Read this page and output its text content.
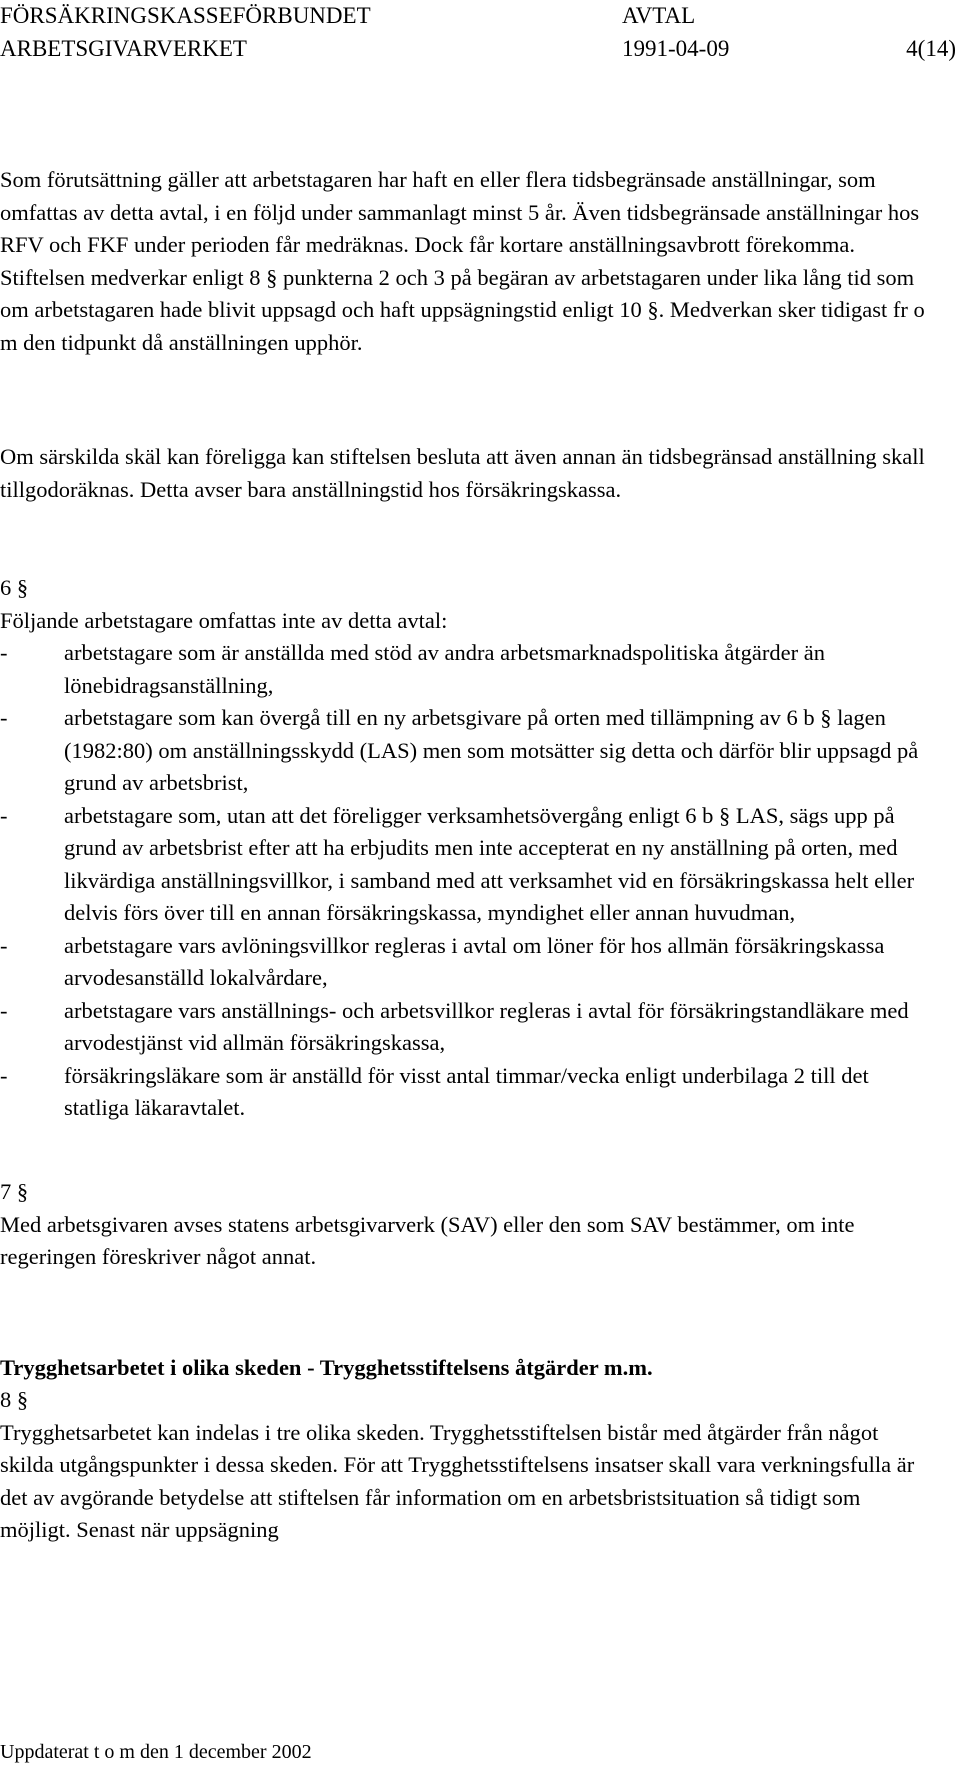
FÖRSÄKRINGSKASSEFÖRBUNDET	AVTAL
ARBETSGIVARVERKET	1991-04-09	4(14)

Som förutsättning gäller att arbetstagaren har haft en eller flera tidsbegränsade anställningar, som omfattas av detta avtal, i en följd under sammanlagt minst 5 år. Även tidsbegränsade anställningar hos RFV och FKF under perioden får medräknas. Dock får kortare anställningsavbrott förekomma. Stiftelsen medverkar enligt 8 § punkterna 2 och 3 på begäran av arbetstagaren under lika lång tid som om arbetstagaren hade blivit uppsagd och haft uppsägningstid enligt 10 §. Medverkan sker tidigast fr o m den tidpunkt då anställningen upphör.

Om särskilda skäl kan föreligga kan stiftelsen besluta att även annan än tidsbegränsad anställning skall tillgodoräknas. Detta avser bara anställningstid hos försäkringskassa.

6 §

Följande arbetstagare omfattas inte av detta avtal:

-	arbetstagare som är anställda med stöd av andra arbetsmarknadspolitiska åtgärder än lönebidragsanställning,
-	arbetstagare som kan övergå till en ny arbetsgivare på orten med tillämpning av 6 b § lagen (1982:80) om anställningsskydd (LAS) men som motsätter sig detta och därför blir uppsagd på grund av arbetsbrist,
-	arbetstagare som, utan att det föreligger verksamhetsövergång enligt 6 b § LAS, sägs upp på grund av arbetsbrist efter att ha erbjudits men inte accepterat en ny anställning på orten, med likvärdiga anställningsvillkor, i samband med att verksamhet vid en försäkringskassa helt eller delvis förs över till en annan försäkringskassa, myndighet eller annan huvudman,
-	arbetstagare vars avlöningsvillkor regleras i avtal om löner för hos allmän försäkringskassa arvodesanställd lokalvårdare,
-	arbetstagare vars anställnings- och arbetsvillkor regleras i avtal för försäkringstandläkare med arvodestjänst vid allmän försäkringskassa,
-	försäkringsläkare som är anställd för visst antal timmar/vecka enligt underbilaga 2 till det statliga läkaravtalet.

7 §

Med arbetsgivaren avses statens arbetsgivarverk (SAV) eller den som SAV bestämmer, om inte regeringen föreskriver något annat.

Trygghetsarbetet i olika skeden - Trygghetsstiftelsens åtgärder m.m.

8 §

Trygghetsarbetet kan indelas i tre olika skeden. Trygghetsstiftelsen bistår med åtgärder från något skilda utgångspunkter i dessa skeden. För att Trygghetsstiftelsens insatser skall vara verkningsfulla är det av avgörande betydelse att stiftelsen får information om en arbetsbristsituation så tidigt som möjligt. Senast när uppsägning

Uppdaterat t o m den 1 december 2002
